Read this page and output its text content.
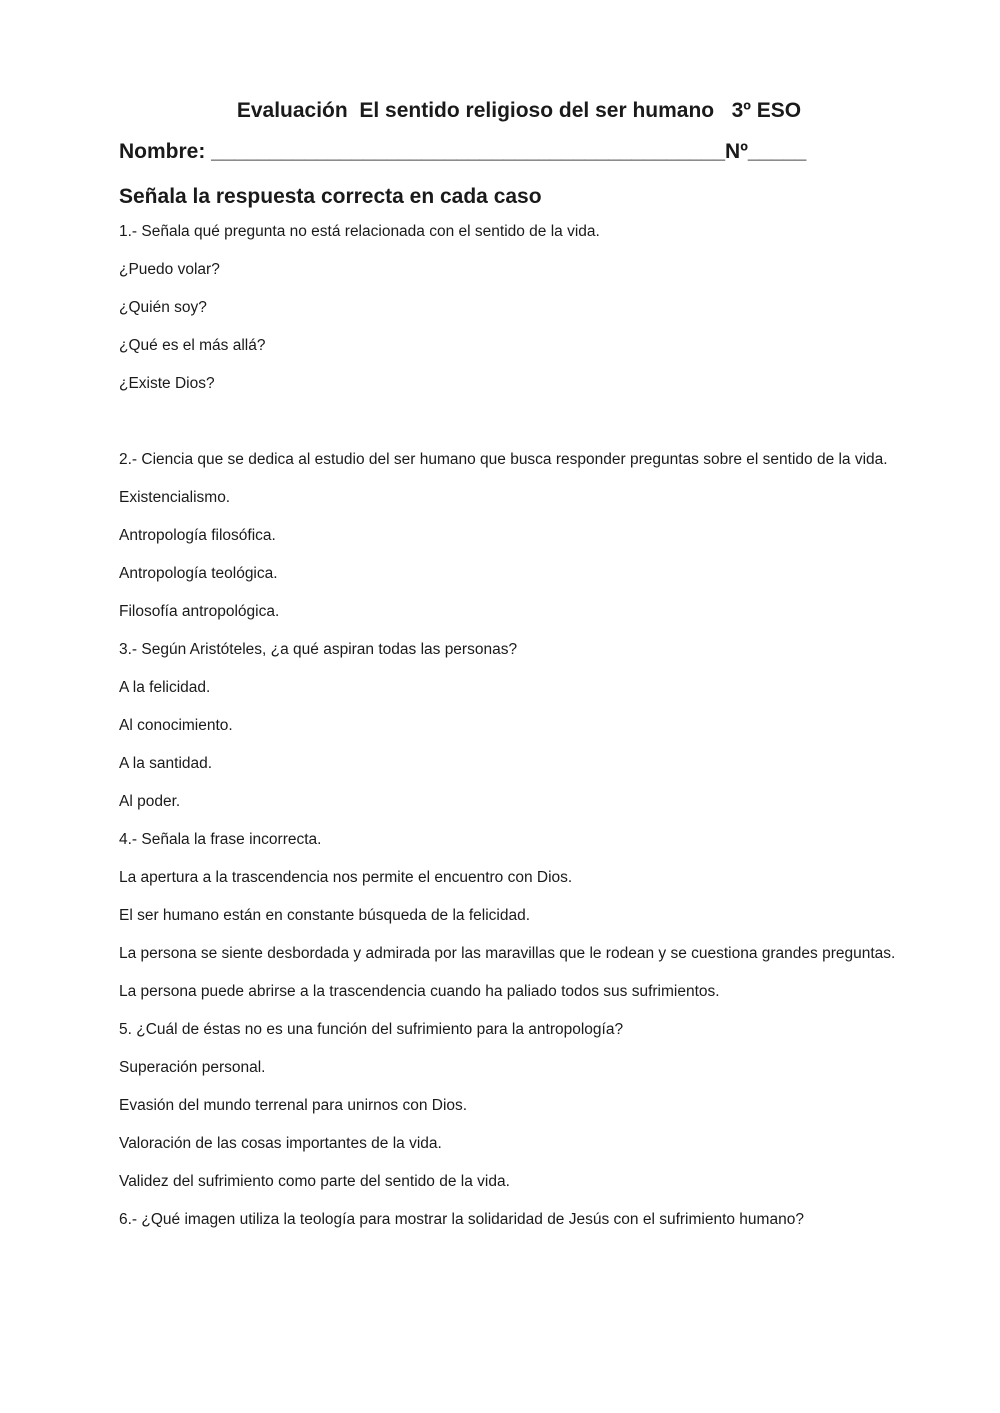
Evaluación  El sentido religioso del ser humano   3º ESO
Nombre: ____________________________________________Nº_____
Señala la respuesta correcta en cada caso

1.- Señala qué pregunta no está relacionada con el sentido de la vida.

¿Puedo volar?

¿Quién soy?

¿Qué es el más allá?

¿Existe Dios?

2.- Ciencia que se dedica al estudio del ser humano que busca responder preguntas sobre el sentido de la vida.

Existencialismo.

Antropología filosófica.

Antropología teológica.

Filosofía antropológica.

3.- Según Aristóteles, ¿a qué aspiran todas las personas?

A la felicidad.

Al conocimiento.

A la santidad.

Al poder.

4.- Señala la frase incorrecta.

La apertura a la trascendencia nos permite el encuentro con Dios.

El ser humano están en constante búsqueda de la felicidad.

La persona se siente desbordada y admirada por las maravillas que le rodean y se cuestiona grandes preguntas.

La persona puede abrirse a la trascendencia cuando ha paliado todos sus sufrimientos.

5. ¿Cuál de éstas no es una función del sufrimiento para la antropología?

Superación personal.

Evasión del mundo terrenal para unirnos con Dios.

Valoración de las cosas importantes de la vida.

Validez del sufrimiento como parte del sentido de la vida.

6.- ¿Qué imagen utiliza la teología para mostrar la solidaridad de Jesús con el sufrimiento humano?
